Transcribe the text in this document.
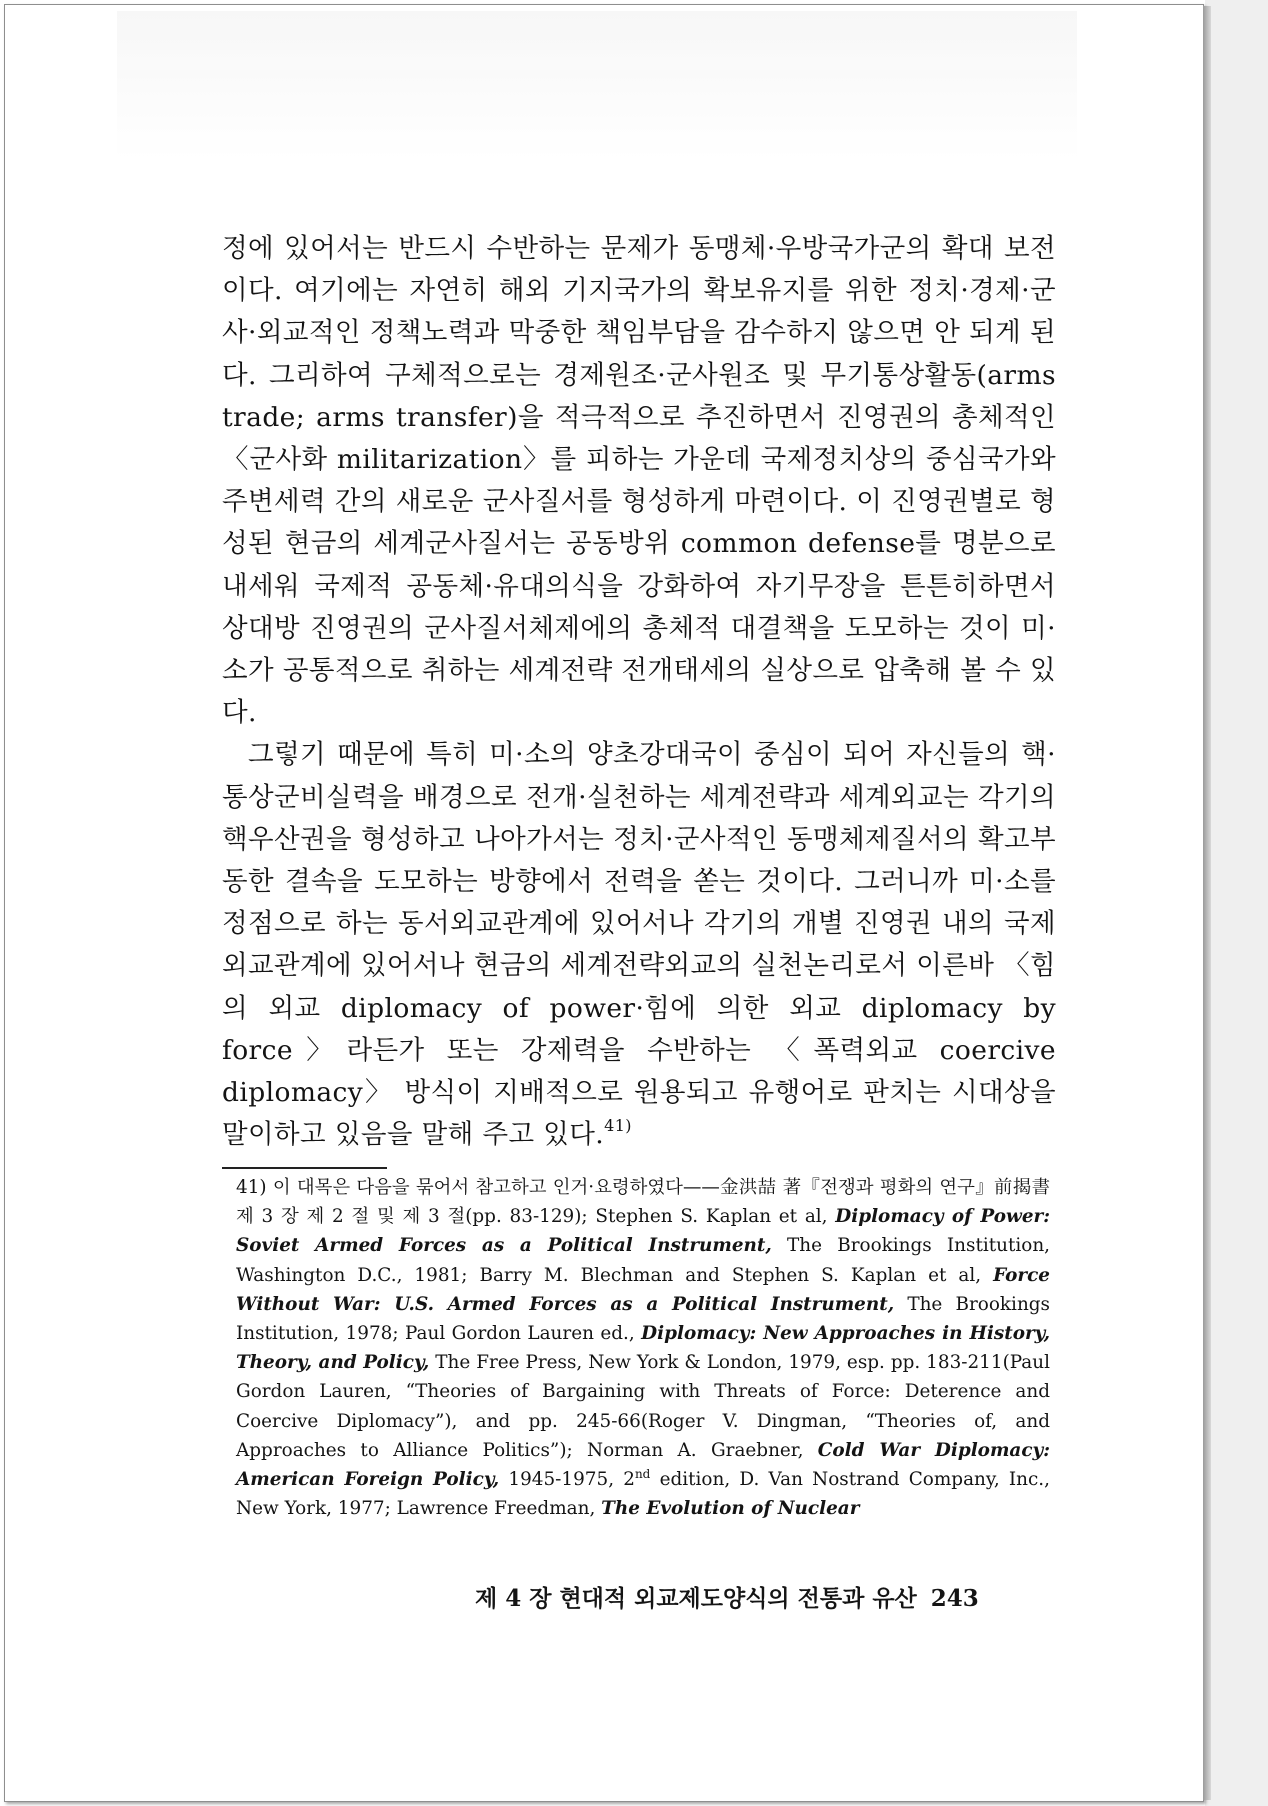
정에 있어서는 반드시 수반하는 문제가 동맹체·우방국가군의 확대 보전이다. 여기에는 자연히 해외 기지국가의 확보유지를 위한 정치·경제·군사·외교적인 정책노력과 막중한 책임부담을 감수하지 않으면 안 되게 된다. 그리하여 구체적으로는 경제원조·군사원조 및 무기통상활동(arms trade; arms transfer)을 적극적으로 추진하면서 진영권의 총체적인 〈군사화 militarization〉를 피하는 가운데 국제정치상의 중심국가와 주변세력 간의 새로운 군사질서를 형성하게 마련이다. 이 진영권별로 형성된 현금의 세계군사질서는 공동방위 common defense를 명분으로 내세워 국제적 공동체·유대의식을 강화하여 자기무장을 튼튼히하면서 상대방 진영권의 군사질서체제에의 총체적 대결책을 도모하는 것이 미·소가 공통적으로 취하는 세계전략 전개태세의 실상으로 압축해 볼 수 있다.

그렇기 때문에 특히 미·소의 양초강대국이 중심이 되어 자신들의 핵·통상군비실력을 배경으로 전개·실천하는 세계전략과 세계외교는 각기의 핵우산권을 형성하고 나아가서는 정치·군사적인 동맹체제질서의 확고부동한 결속을 도모하는 방향에서 전력을 쏟는 것이다. 그러니까 미·소를 정점으로 하는 동서외교관계에 있어서나 각기의 개별 진영권 내의 국제외교관계에 있어서나 현금의 세계전략외교의 실천논리로서 이른바 〈힘의 외교 diplomacy of power·힘에 의한 외교 diplomacy by force〉라든가 또는 강제력을 수반하는 〈폭력외교 coercive diplomacy〉 방식이 지배적으로 원용되고 유행어로 판치는 시대상을 말이하고 있음을 말해 주고 있다.$^{41)}$

41) 이 대목은 다음을 묶어서 참고하고 인거·요령하였다——金洪喆 著『전쟁과 평화의 연구』前揭書 제 3 장 제 2 절 및 제 3 절(pp. 83-129); Stephen S. Kaplan et al, Diplomacy of Power: Soviet Armed Forces as a Political Instrument, The Brookings Institution, Washington D.C., 1981; Barry M. Blechman and Stephen S. Kaplan et al, Force Without War: U.S. Armed Forces as a Political Instrument, The Brookings Institution, 1978; Paul Gordon Lauren ed., Diplomacy: New Approaches in History, Theory, and Policy, The Free Press, New York & London, 1979, esp. pp. 183-211(Paul Gordon Lauren, “Theories of Bargaining with Threats of Force: Deterence and Coercive Diplomacy”), and pp. 245-66(Roger V. Dingman, “Theories of, and Approaches to Alliance Politics”); Norman A. Graebner, Cold War Diplomacy: American Foreign Policy, 1945-1975, 2nd edition, D. Van Nostrand Company, Inc., New York, 1977; Lawrence Freedman, The Evolution of Nuclear
제 4 장 현대적 외교제도양식의 전통과 유산 243
